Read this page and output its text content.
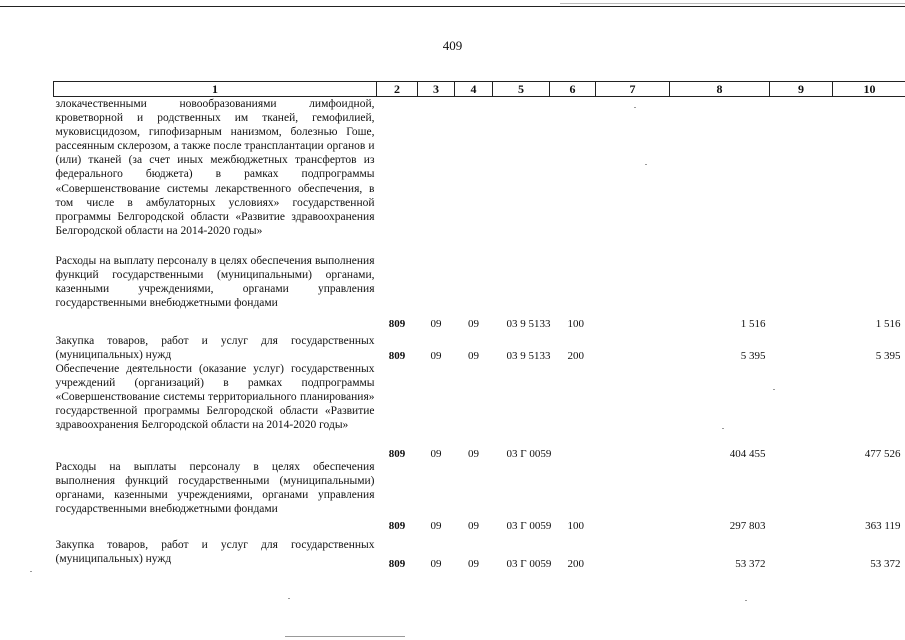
409
1	2	3	4	5	6	7	8	9	10
злокачественными новообразованиями лимфоидной, кроветворной и родственных им тканей, гемофилией, муковисцидозом, гипофизарным нанизмом, болезнью Гоше, рассеянным склерозом, а также после трансплантации органов и (или) тканей (за счет иных межбюджетных трансфертов из федерального бюджета) в рамках подпрограммы «Совершенствование системы лекарственного обеспечения, в том числе в амбулаторных условиях» государственной программы Белгородской области «Развитие здравоохранения Белгородской области на 2014-2020 годы»									
Расходы на выплату персоналу в целях обеспечения выполнения функций государственными (муниципальными) органами, казенными учреждениями, органами управления государственными внебюджетными фондами	809	09	09	03 9 5133	100		1 516		1 516
Закупка товаров, работ и услуг для государственных (муниципальных) нужд	809	09	09	03 9 5133	200		5 395		5 395
Обеспечение деятельности (оказание услуг) государственных учреждений (организаций) в рамках подпрограммы «Совершенствование системы территориального планирования» государственной программы Белгородской области «Развитие здравоохранения Белгородской области на 2014-2020 годы»	809	09	09	03 Г 0059			404 455		477 526
Расходы на выплаты персоналу в целях обеспечения выполнения функций государственными (муниципальными) органами, казенными учреждениями, органами управления государственными внебюджетными фондами	809	09	09	03 Г 0059	100		297 803		363 119
Закупка товаров, работ и услуг для государственных (муниципальных) нужд	809	09	09	03 Г 0059	200		53 372		53 372
